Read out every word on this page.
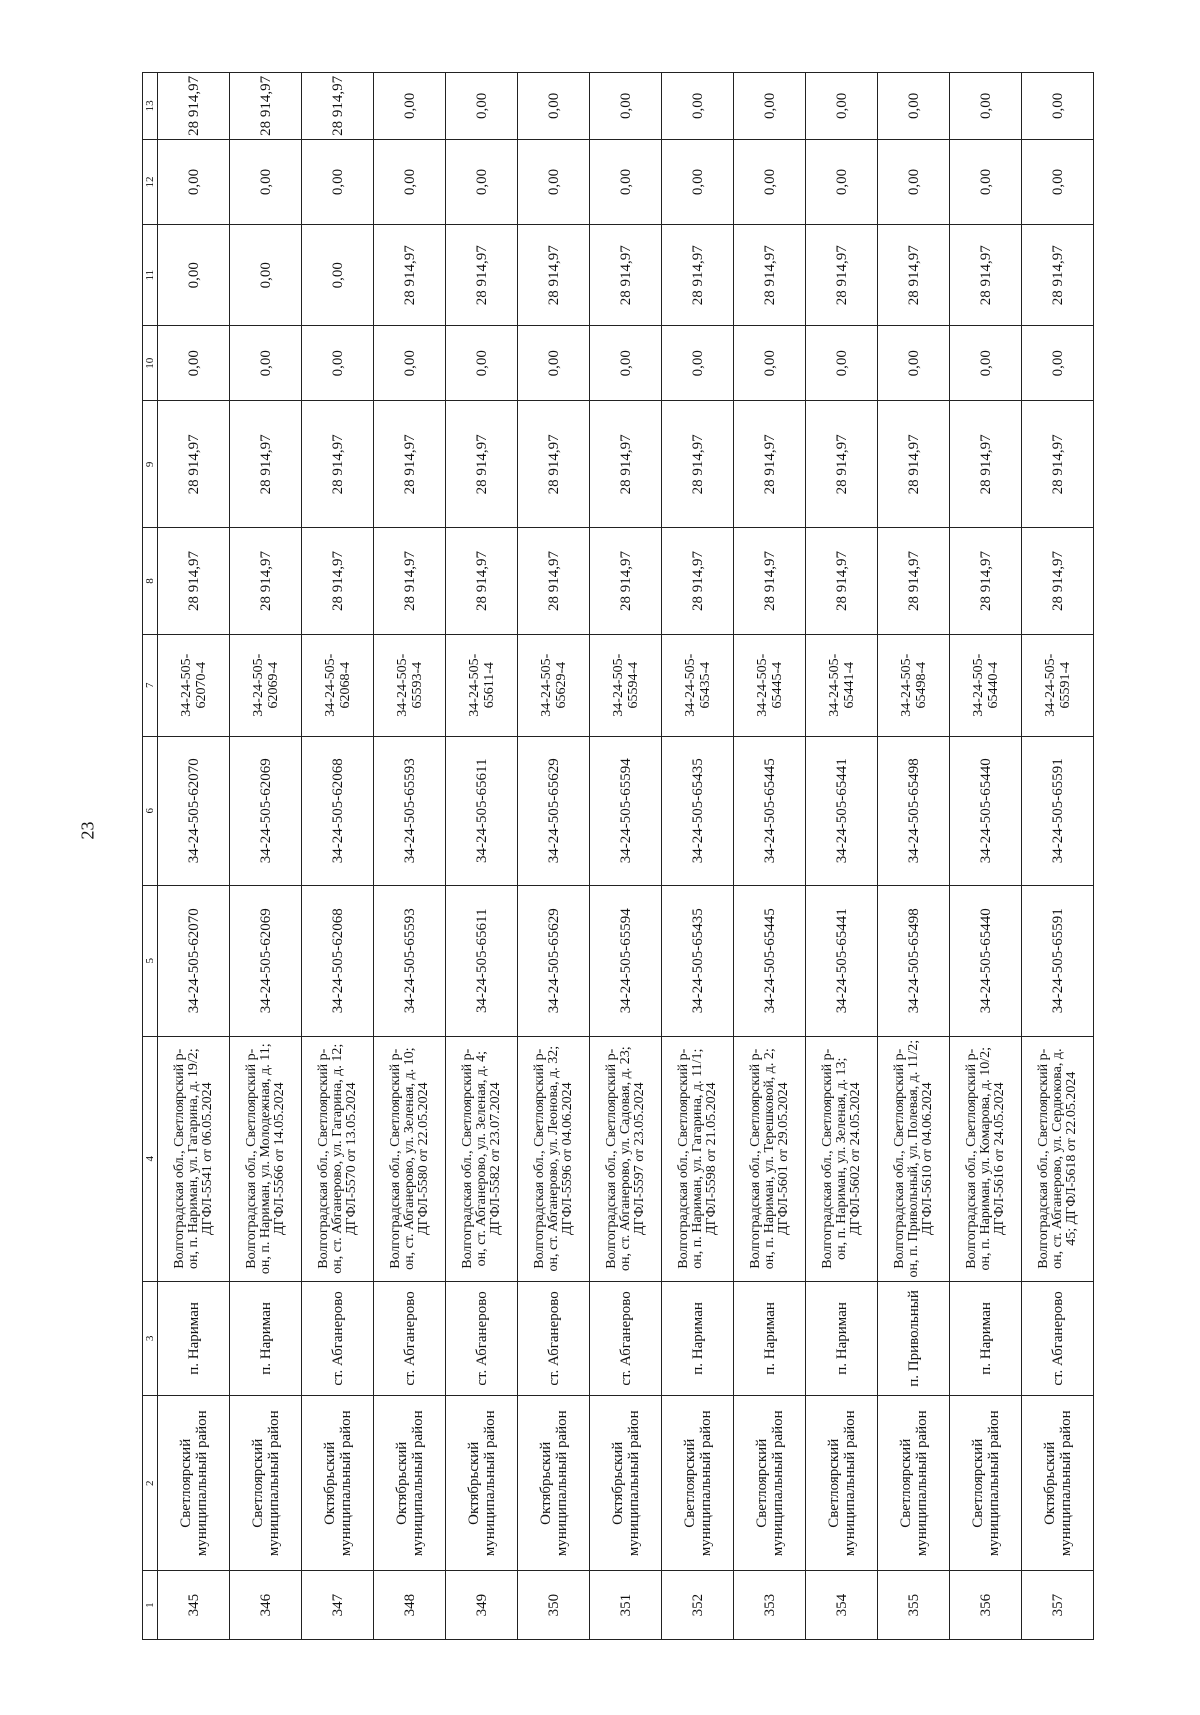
23
1	2	3	4	5	6	7	8	9	10	11	12	13
345	Светлоярский муниципальный район	п. Нариман	Волгоградская обл., Светлоярский р-он, п. Нариман, ул. Гагарина, д. 19/2; ДГФЛ-5541 от 06.05.2024	34-24-505-62070	34-24-505-62070	34-24-505-62070-4	28 914,97	28 914,97	0,00	0,00	0,00	28 914,97
346	Светлоярский муниципальный район	п. Нариман	Волгоградская обл., Светлоярский р-он, п. Нариман, ул. Молодежная, д. 11; ДГФЛ-5566 от 14.05.2024	34-24-505-62069	34-24-505-62069	34-24-505-62069-4	28 914,97	28 914,97	0,00	0,00	0,00	28 914,97
347	Октябрьский муниципальный район	ст. Абганерово	Волгоградская обл., Светлоярский р-он, ст. Абганерово, ул. Гагарина, д. 12; ДГФЛ-5570 от 13.05.2024	34-24-505-62068	34-24-505-62068	34-24-505-62068-4	28 914,97	28 914,97	0,00	0,00	0,00	28 914,97
348	Октябрьский муниципальный район	ст. Абганерово	Волгоградская обл., Светлоярский р-он, ст. Абганерово, ул. Зеленая, д. 10; ДГФЛ-5580 от 22.05.2024	34-24-505-65593	34-24-505-65593	34-24-505-65593-4	28 914,97	28 914,97	0,00	28 914,97	0,00	0,00
349	Октябрьский муниципальный район	ст. Абганерово	Волгоградская обл., Светлоярский р-он, ст. Абганерово, ул. Зеленая, д. 4; ДГФЛ-5582 от 23.07.2024	34-24-505-65611	34-24-505-65611	34-24-505-65611-4	28 914,97	28 914,97	0,00	28 914,97	0,00	0,00
350	Октябрьский муниципальный район	ст. Абганерово	Волгоградская обл., Светлоярский р-он, ст. Абганерово, ул. Леонова, д. 32; ДГФЛ-5596 от 04.06.2024	34-24-505-65629	34-24-505-65629	34-24-505-65629-4	28 914,97	28 914,97	0,00	28 914,97	0,00	0,00
351	Октябрьский муниципальный район	ст. Абганерово	Волгоградская обл., Светлоярский р-он, ст. Абганерово, ул. Садовая, д. 23; ДГФЛ-5597 от 23.05.2024	34-24-505-65594	34-24-505-65594	34-24-505-65594-4	28 914,97	28 914,97	0,00	28 914,97	0,00	0,00
352	Светлоярский муниципальный район	п. Нариман	Волгоградская обл., Светлоярский р-он, п. Нариман, ул. Гагарина, д. 11/1; ДГФЛ-5598 от 21.05.2024	34-24-505-65435	34-24-505-65435	34-24-505-65435-4	28 914,97	28 914,97	0,00	28 914,97	0,00	0,00
353	Светлоярский муниципальный район	п. Нариман	Волгоградская обл., Светлоярский р-он, п. Нариман, ул. Терешковой, д. 2; ДГФЛ-5601 от 29.05.2024	34-24-505-65445	34-24-505-65445	34-24-505-65445-4	28 914,97	28 914,97	0,00	28 914,97	0,00	0,00
354	Светлоярский муниципальный район	п. Нариман	Волгоградская обл., Светлоярский р-он, п. Нариман, ул. Зеленая, д. 13; ДГФЛ-5602 от 24.05.2024	34-24-505-65441	34-24-505-65441	34-24-505-65441-4	28 914,97	28 914,97	0,00	28 914,97	0,00	0,00
355	Светлоярский муниципальный район	п. Привольный	Волгоградская обл., Светлоярский р-он, п. Привольный, ул. Полевая, д. 11/2; ДГФЛ-5610 от 04.06.2024	34-24-505-65498	34-24-505-65498	34-24-505-65498-4	28 914,97	28 914,97	0,00	28 914,97	0,00	0,00
356	Светлоярский муниципальный район	п. Нариман	Волгоградская обл., Светлоярский р-он, п. Нариман, ул. Комарова, д. 10/2; ДГФЛ-5616 от 24.05.2024	34-24-505-65440	34-24-505-65440	34-24-505-65440-4	28 914,97	28 914,97	0,00	28 914,97	0,00	0,00
357	Октябрьский муниципальный район	ст. Абганерово	Волгоградская обл., Светлоярский р-он, ст. Абганерово, ул. Сердюкова, д. 45; ДГФЛ-5618 от 22.05.2024	34-24-505-65591	34-24-505-65591	34-24-505-65591-4	28 914,97	28 914,97	0,00	28 914,97	0,00	0,00
